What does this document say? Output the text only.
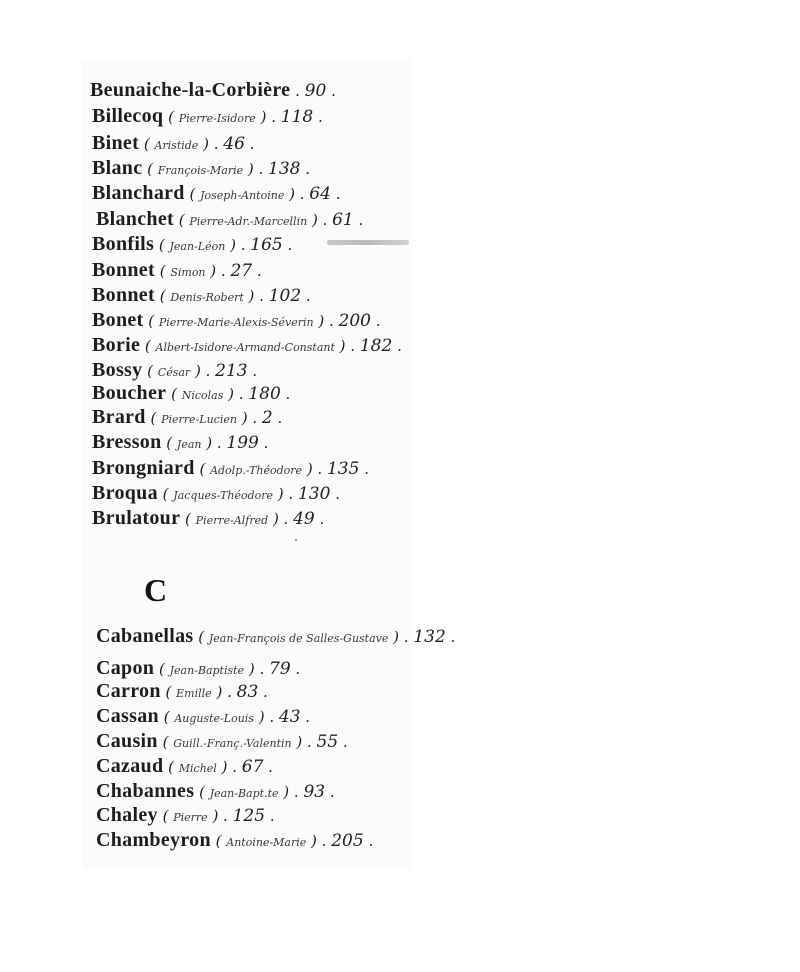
Beunaiche-la-Corbière . 90 .
Billecoq ( Pierre-Isidore ) . 118 .
Binet ( Aristide ) . 46 .
Blanc ( François-Marie ) . 138 .
Blanchard ( Joseph-Antoine ) . 64 .
Blanchet ( Pierre-Adr.-Marcellin ) . 61 .
Bonfils ( Jean-Léon ) . 165 .
Bonnet ( Simon ) . 27 .
Bonnet ( Denis-Robert ) . 102 .
Bonet ( Pierre-Marie-Alexis-Séverin ) . 200 .
Borie ( Albert-Isidore-Armand-Constant ) . 182 .
Bossy ( César ) . 213 .
Boucher ( Nicolas ) . 180 .
Brard ( Pierre-Lucien ) . 2 .
Bresson ( Jean ) . 199 .
Brongniard ( Adolp.-Théodore ) . 135 .
Broqua ( Jacques-Théodore ) . 130 .
Brulatour ( Pierre-Alfred ) . 49 .
C
Cabanellas ( Jean-François de Salles-Gustave ) . 132 .
Capon ( Jean-Baptiste ) . 79 .
Carron ( Emille ) . 83 .
Cassan ( Auguste-Louis ) . 43 .
Causin ( Guill.-Franç.-Valentin ) . 55 .
Cazaud ( Michel ) . 67 .
Chabannes ( Jean-Bapt.te ) . 93 .
Chaley ( Pierre ) . 125 .
Chambeyron ( Antoine-Marie ) . 205 .
